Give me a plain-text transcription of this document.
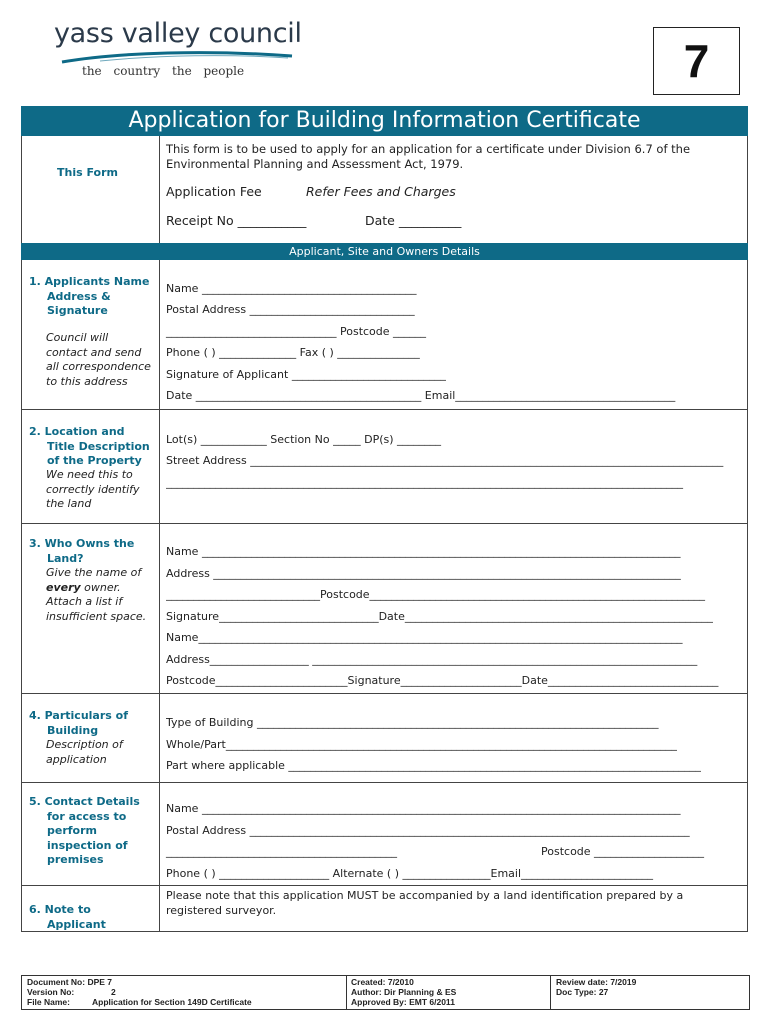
yass valley council
the country the people	7
Application for Building Information Certificate
This Form
This form is to be used to apply for an application for a certificate under Division 6.7 of the Environmental Planning and Assessment Act, 1979.
Application Fee	Refer Fees and Charges
Receipt No ___________	Date __________
Applicant, Site and Owners Details
1. Applicants Name
Address &
Signature
Council will contact and send all correspondence to this address
Name _______________________________________
Postal Address ______________________________
_______________________________ Postcode ______
Phone ( ) ______________ Fax ( ) _______________
Signature of Applicant ____________________________
Date _________________________________________ Email________________________________________
2. Location and
Title Description
of the Property
We need this to correctly identify the land
Lot(s) ____________ Section No _____ DP(s) ________
Street Address ______________________________________________________________________________________
______________________________________________________________________________________________
3. Who Owns the
Land?
Give the name of every owner. Attach a list if insufficient space.
Name _______________________________________________________________________________________
Address _____________________________________________________________________________________
____________________________Postcode_____________________________________________________________
Signature_____________________________Date________________________________________________________
Name________________________________________________________________________________________
Address__________________ ______________________________________________________________________
Postcode________________________Signature______________________Date_______________________________
4. Particulars of
Building
Description of application
Type of Building _________________________________________________________________________
Whole/Part__________________________________________________________________________________
Part where applicable ___________________________________________________________________________
5. Contact Details
for access to
perform
inspection of
premises
Name _______________________________________________________________________________________
Postal Address ________________________________________________________________________________
__________________________________________	Postcode ____________________
Phone ( ) ____________________ Alternate ( ) ________________Email________________________
6. Note to
Applicant
Please note that this application MUST be accompanied by a land identification prepared by a registered surveyor.
Document No: DPE 7
Version No:	2
File Name:	Application for Section 149D Certificate
Created: 7/2010
Author: Dir Planning & ES
Approved By: EMT 6/2011
Review date: 7/2019
Doc Type: 27
